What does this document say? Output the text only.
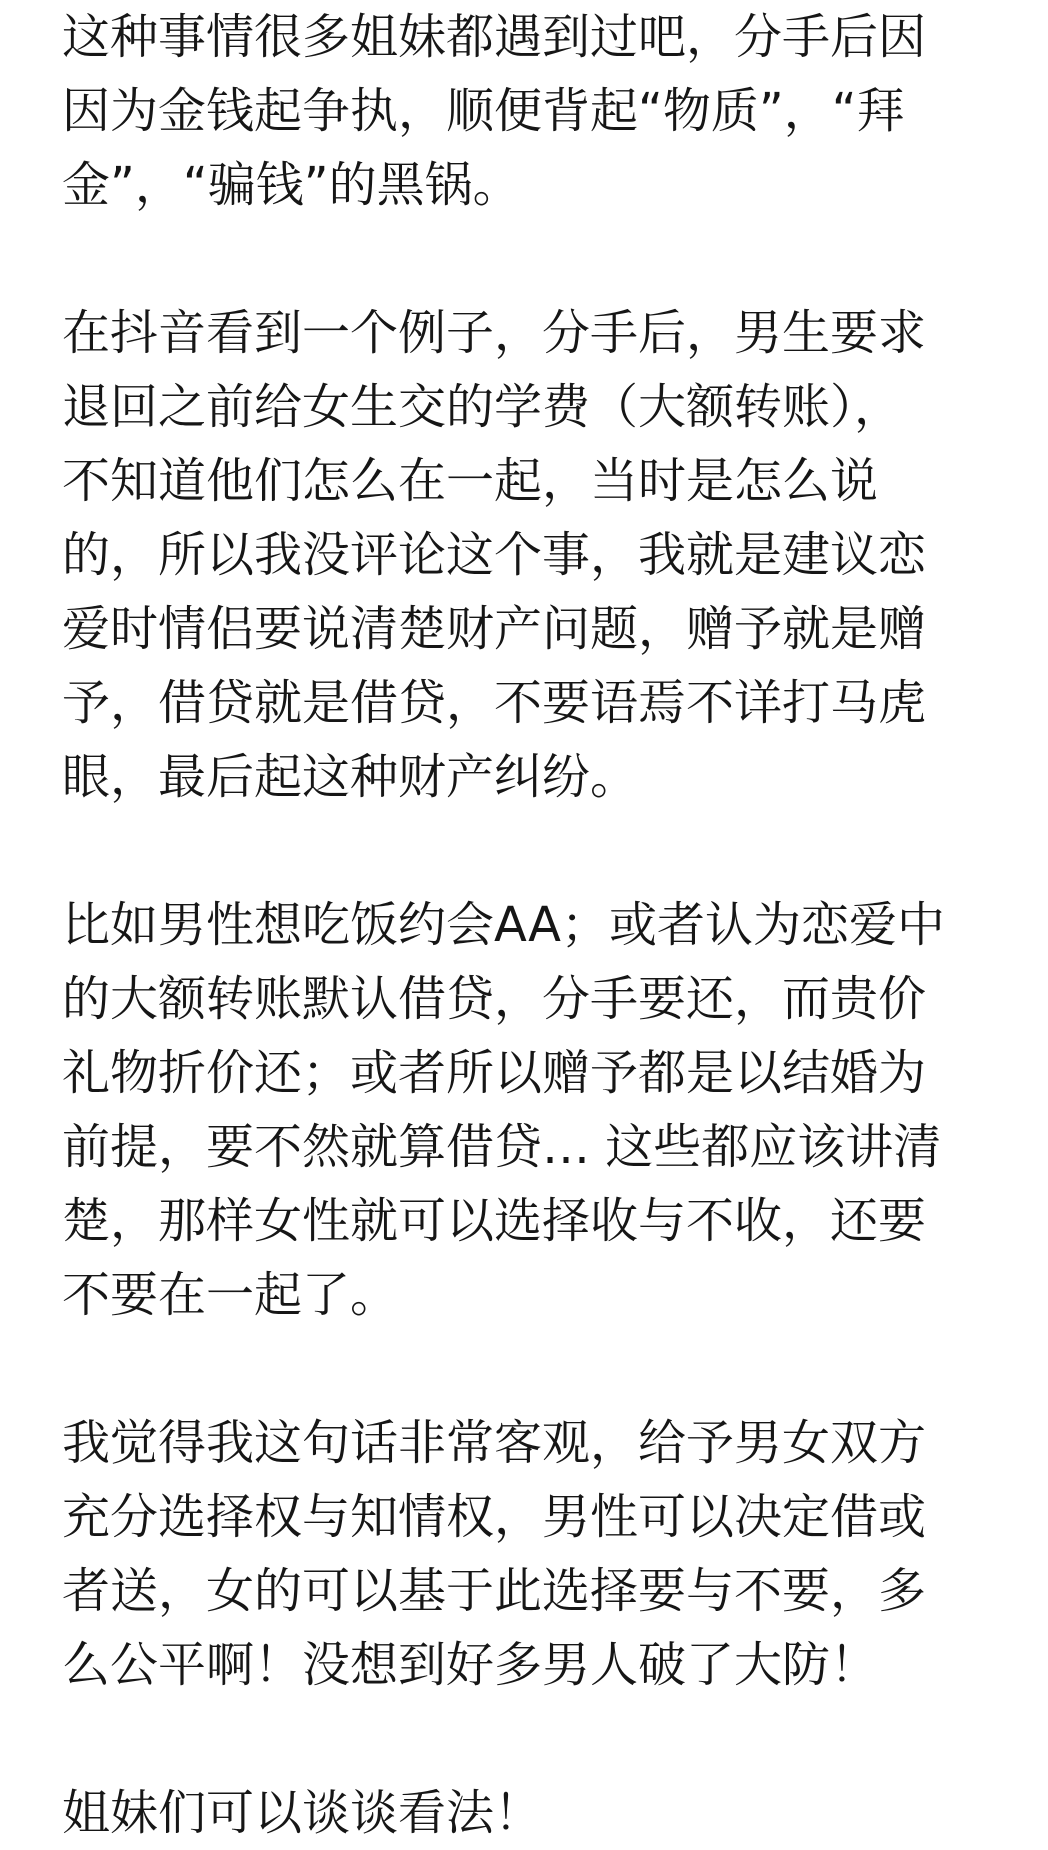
这种事情很多姐妹都遇到过吧，分手后因
因为金钱起争执，顺便背起“物质”，“拜
金”，“骗钱”的黑锅。

在抖音看到一个例子，分手后，男生要求
退回之前给女生交的学费（大额转账），
不知道他们怎么在一起，当时是怎么说
的，所以我没评论这个事，我就是建议恋
爱时情侣要说清楚财产问题，赠予就是赠
予，借贷就是借贷，不要语焉不详打马虎
眼，最后起这种财产纠纷。

比如男性想吃饭约会AA；或者认为恋爱中
的大额转账默认借贷，分手要还，而贵价
礼物折价还；或者所以赠予都是以结婚为
前提，要不然就算借贷… 这些都应该讲清
楚，那样女性就可以选择收与不收，还要
不要在一起了。

我觉得我这句话非常客观，给予男女双方
充分选择权与知情权，男性可以决定借或
者送，女的可以基于此选择要与不要，多
么公平啊！没想到好多男人破了大防！

姐妹们可以谈谈看法！
